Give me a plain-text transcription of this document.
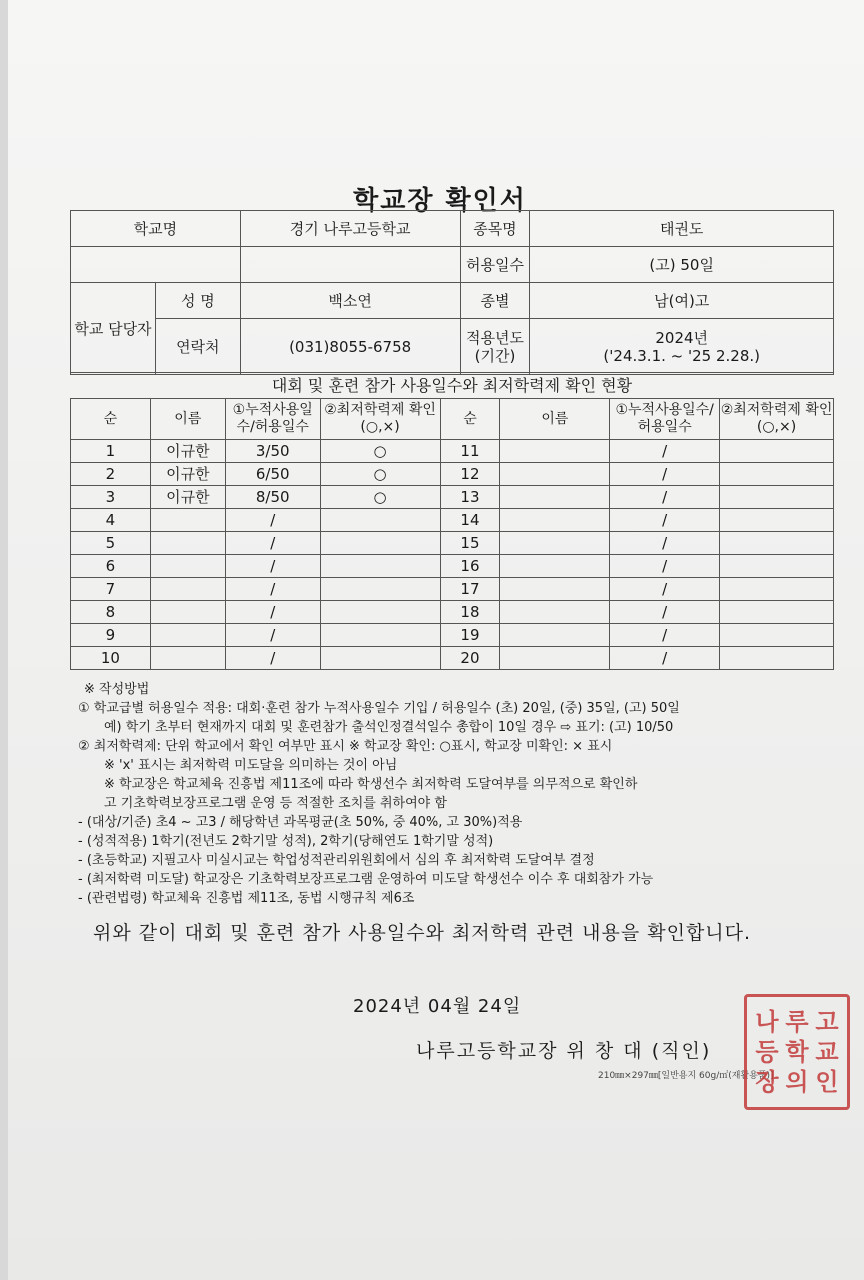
학교장 확인서
학교명		경기 나루고등학교	종목명	태권도
			허용일수	(고) 50일
학교 담당자	성 명	백소연	종별	남(여)고
	연락처	(031)8055-6758	적용년도 (기간)	2024년
('24.3.1. ~ '25 2.28.)
대회 및 훈련 참가 사용일수와 최저학력제 확인 현황
순	이름	①누적사용일수/허용일수	②최저학력제 확인(○,×)	순	이름	①누적사용일수/허용일수	②최저학력제 확인(○,×)
1	이규한	3/50	○	11		/	
2	이규한	6/50	○	12		/	
3	이규한	8/50	○	13		/	
4		/		14		/	
5		/		15		/	
6		/		16		/	
7		/		17		/	
8		/		18		/	
9		/		19		/	
10		/		20		/	
※ 작성방법
① 학교급별 허용일수 적용: 대회·훈련 참가 누적사용일수 기입 / 허용일수 (초) 20일, (중) 35일, (고) 50일
예) 학기 초부터 현재까지 대회 및 훈련참가 출석인정결석일수 총합이 10일 경우 ⇨ 표기: (고) 10/50
② 최저학력제: 단위 학교에서 확인 여부만 표시 ※ 학교장 확인: ○표시, 학교장 미확인: × 표시
※ 'x' 표시는 최저학력 미도달을 의미하는 것이 아님
※ 학교장은 학교체육 진흥법 제11조에 따라 학생선수 최저학력 도달여부를 의무적으로 확인하
고 기초학력보장프로그램 운영 등 적절한 조치를 취하여야 함
- (대상/기준) 초4 ~ 고3 / 해당학년 과목평균(초 50%, 중 40%, 고 30%)적용
- (성적적용) 1학기(전년도 2학기말 성적), 2학기(당해연도 1학기말 성적)
- (초등학교) 지필고사 미실시교는 학업성적관리위원회에서 심의 후 최저학력 도달여부 결정
- (최저학력 미도달) 학교장은 기초학력보장프로그램 운영하여 미도달 학생선수 이수 후 대회참가 가능
- (관련법령) 학교체육 진흥법 제11조, 동법 시행규칙 제6조
위와 같이 대회 및 훈련 참가 사용일수와 최저학력 관련 내용을 확인합니다.
2024년 04월 24일
나루고등학교장 위 창 대 (직인)
210㎜×297㎜[일반용지 60g/㎡(재활용품)]
나 루 고
등 학 교
장 의 인
